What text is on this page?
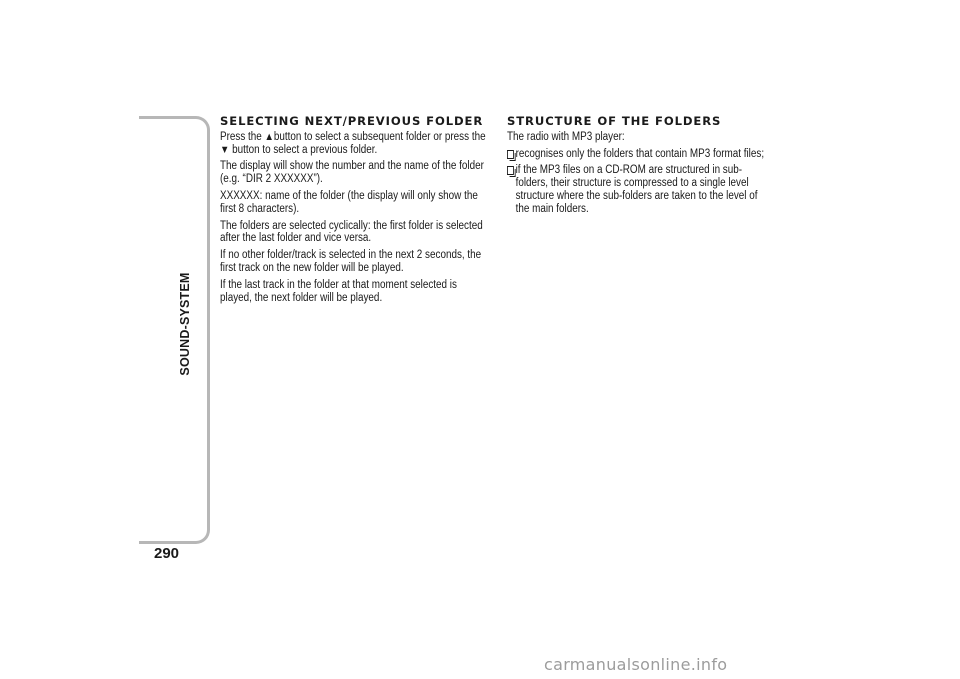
SOUND-SYSTEM
290
SELECTING NEXT/PREVIOUS FOLDER

Press the ▲button to select a subsequent folder or press the
▼ button to select a previous folder.

The display will show the number and the name of the folder (e.g. “DIR 2 XXXXXX”).

XXXXXX: name of the folder (the display will only show the first 8 characters).

The folders are selected cyclically: the first folder is selected after the last folder and vice versa.

If no other folder/track is selected in the next 2 seconds, the first track on the new folder will be played.

If the last track in the folder at that moment selected is played, the next folder will be played.

STRUCTURE OF THE FOLDERS

The radio with MP3 player:

recognises only the folders that contain MP3 format files;
if the MP3 files on a CD-ROM are structured in sub-folders, their structure is compressed to a single level structure where the sub-folders are taken to the level of the main folders.
carmanualsonline.info
